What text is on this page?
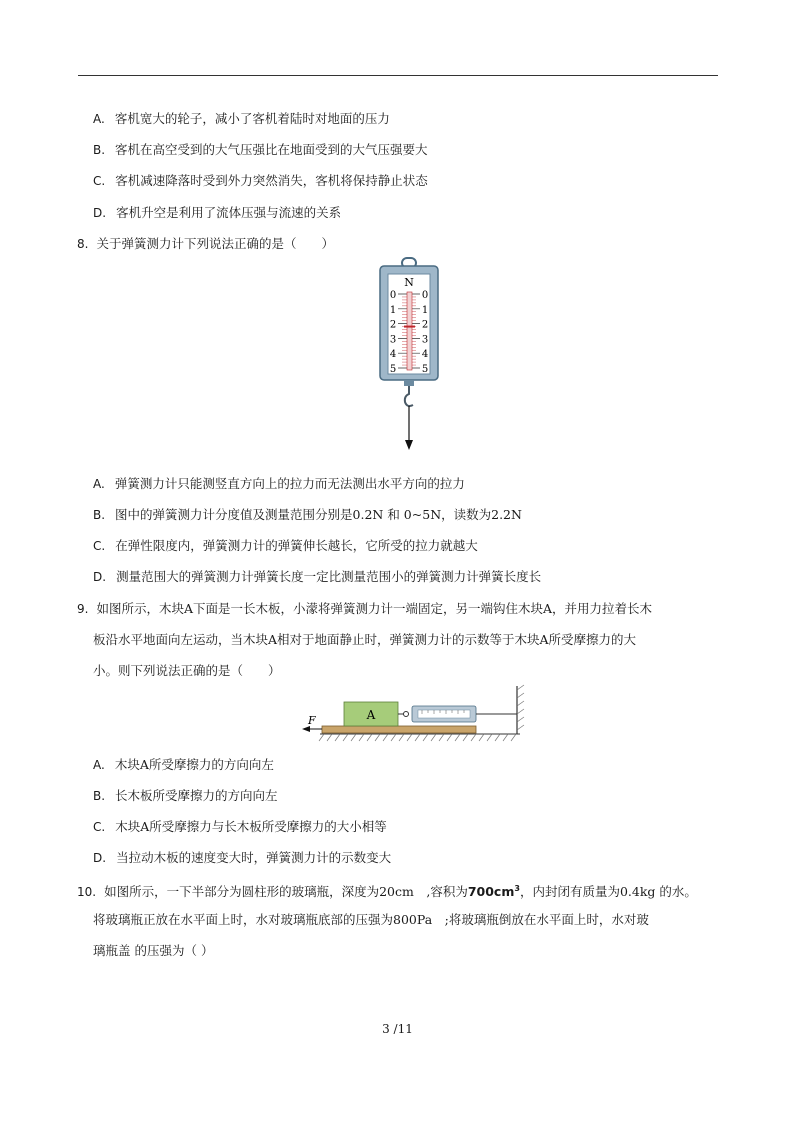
A. 客机宽大的轮子，减小了客机着陆时对地面的压力
B. 客机在高空受到的大气压强比在地面受到的大气压强要大
C. 客机减速降落时受到外力突然消失，客机将保持静止状态
D. 客机升空是利用了流体压强与流速的关系
8. 关于弹簧测力计下列说法正确的是（　　）
N
0	0
1	1
2	2
3	3
4	4
5	5
A. 弹簧测力计只能测竖直方向上的拉力而无法测出水平方向的拉力
B. 图中的弹簧测力计分度值及测量范围分别是0.2N 和 0~5N，读数为2.2N
C. 在弹性限度内，弹簧测力计的弹簧伸长越长，它所受的拉力就越大
D. 测量范围大的弹簧测力计弹簧长度一定比测量范围小的弹簧测力计弹簧长度长
9. 如图所示，木块A下面是一长木板，小濛将弹簧测力计一端固定，另一端钩住木块A，并用力拉着长木
板沿水平地面向左运动，当木块A相对于地面静止时，弹簧测力计的示数等于木块A所受摩擦力的大
小。则下列说法正确的是（　　）
A
F
A. 木块A所受摩擦力的方向向左
B. 长木板所受摩擦力的方向向左
C. 木块A所受摩擦力与长木板所受摩擦力的大小相等
D. 当拉动木板的速度变大时，弹簧测力计的示数变大
10. 如图所示，一下半部分为圆柱形的玻璃瓶，深度为20cm　,容积为$700cm^3$，内封闭有质量为0.4kg 的水。
将玻璃瓶正放在水平面上时，水对玻璃瓶底部的压强为800Pa　;将玻璃瓶倒放在水平面上时，水对玻
璃瓶盖 的压强为（ ）
3 /11
